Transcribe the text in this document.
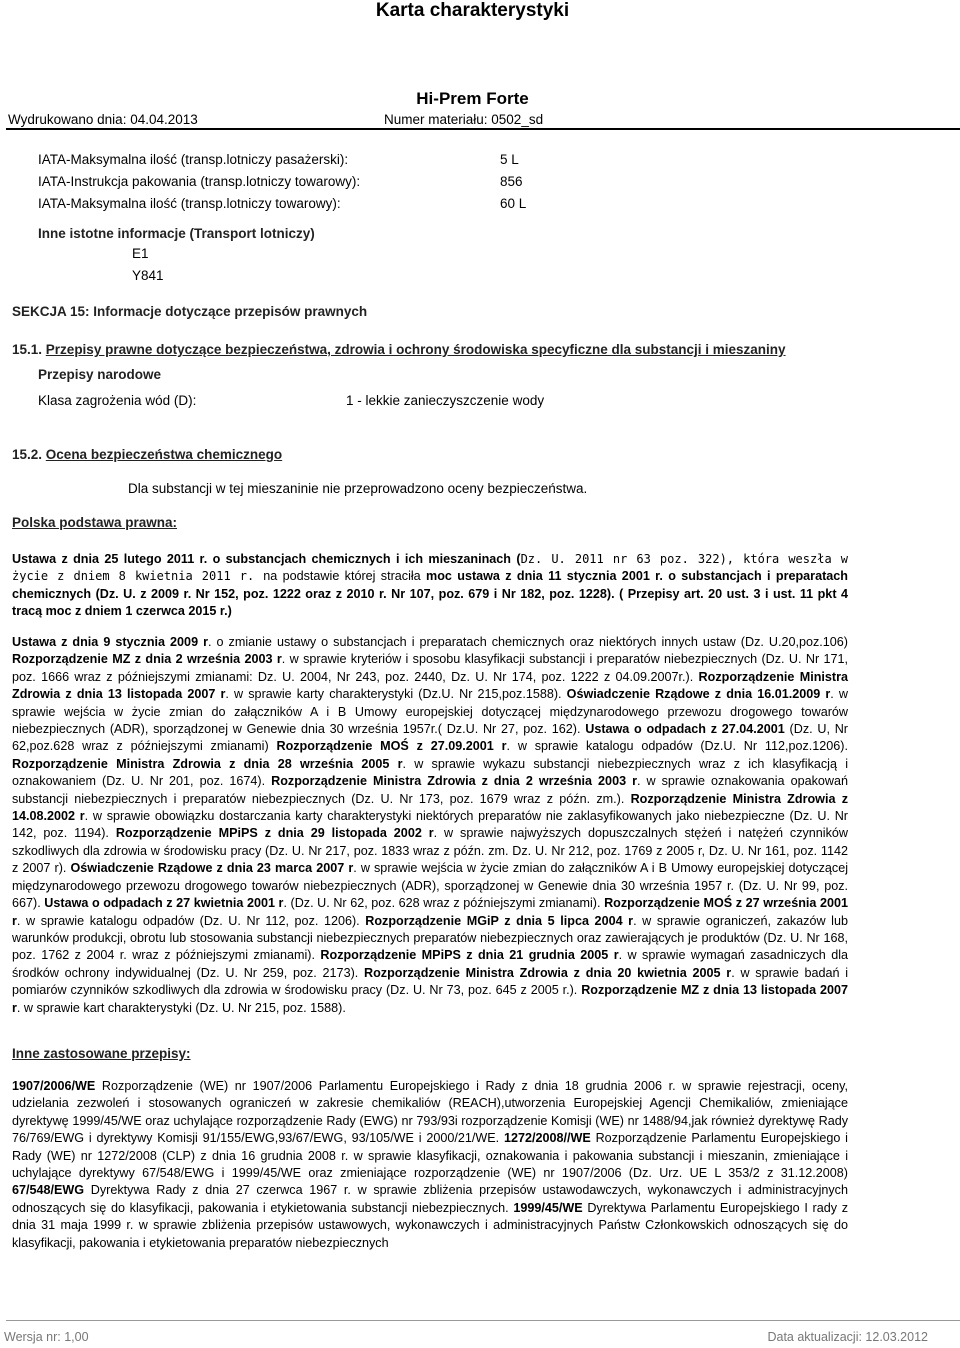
Karta charakterystyki
Hi-Prem Forte
Wydrukowano dnia: 04.04.2013	Numer materiału: 0502_sd
IATA-Maksymalna ilość (transp.lotniczy pasażerski):	5 L
IATA-Instrukcja pakowania (transp.lotniczy towarowy):	856
IATA-Maksymalna ilość (transp.lotniczy towarowy):	60 L
Inne istotne informacje (Transport lotniczy)
E1
Y841
SEKCJA 15: Informacje dotyczące przepisów prawnych
15.1. Przepisy prawne dotyczące bezpieczeństwa, zdrowia i ochrony środowiska specyficzne dla substancji i mieszaniny
Przepisy narodowe
Klasa zagrożenia wód (D):	1 - lekkie zanieczyszczenie wody
15.2. Ocena bezpieczeństwa chemicznego
Dla substancji w tej mieszaninie nie przeprowadzono oceny bezpieczeństwa.
Polska podstawa prawna:
Ustawa z dnia 25 lutego 2011 r. o substancjach chemicznych i ich mieszaninach (Dz. U. 2011 nr 63 poz. 322), która weszła w życie z dniem 8 kwietnia 2011 r. na podstawie której straciła moc ustawa z dnia 11 stycznia 2001 r. o substancjach i preparatach chemicznych (Dz. U. z 2009 r. Nr 152, poz. 1222 oraz z 2010 r. Nr 107, poz. 679 i Nr 182, poz. 1228). ( Przepisy art. 20 ust. 3 i ust. 11 pkt 4 tracą moc z dniem 1 czerwca 2015 r.)
Ustawa z dnia 9 stycznia 2009 r. o zmianie ustawy o substancjach i preparatach chemicznych oraz niektórych innych ustaw (Dz. U.20,poz.106) Rozporządzenie MZ z dnia 2 września 2003 r. w sprawie kryteriów i sposobu klasyfikacji substancji i preparatów niebezpiecznych (Dz. U. Nr 171, poz. 1666 wraz z późniejszymi zmianami: Dz. U. 2004, Nr 243, poz. 2440, Dz. U. Nr 174, poz. 1222 z 04.09.2007r.). Rozporządzenie Ministra Zdrowia z dnia 13 listopada 2007 r. w sprawie karty charakterystyki (Dz.U. Nr 215,poz.1588). Oświadczenie Rządowe z dnia 16.01.2009 r. w sprawie wejścia w życie zmian do załączników A i B Umowy europejskiej dotyczącej międzynarodowego przewozu drogowego towarów niebezpiecznych (ADR), sporządzonej w Genewie dnia 30 września 1957r.( Dz.U. Nr 27, poz. 162). Ustawa o odpadach z 27.04.2001 (Dz. U, Nr 62,poz.628 wraz z późniejszymi zmianami) Rozporządzenie MOŚ z 27.09.2001 r. w sprawie katalogu odpadów (Dz.U. Nr 112,poz.1206). Rozporządzenie Ministra Zdrowia z dnia 28 września 2005 r. w sprawie wykazu substancji niebezpiecznych wraz z ich klasyfikacją i oznakowaniem (Dz. U. Nr 201, poz. 1674). Rozporządzenie Ministra Zdrowia z dnia 2 września 2003 r. w sprawie oznakowania opakowań substancji niebezpiecznych i preparatów niebezpiecznych (Dz. U. Nr 173, poz. 1679 wraz z późn. zm.). Rozporządzenie Ministra Zdrowia z 14.08.2002 r. w sprawie obowiązku dostarczania karty charakterystyki niektórych preparatów nie zaklasyfikowanych jako niebezpieczne (Dz. U. Nr 142, poz. 1194). Rozporządzenie MPiPS z dnia 29 listopada 2002 r. w sprawie najwyższych dopuszczalnych stężeń i natężeń czynników szkodliwych dla zdrowia w środowisku pracy (Dz. U. Nr 217, poz. 1833 wraz z późn. zm. Dz. U. Nr 212, poz. 1769 z 2005 r, Dz. U. Nr 161, poz. 1142 z 2007 r). Oświadczenie Rządowe z dnia 23 marca 2007 r. w sprawie wejścia w życie zmian do załączników A i B Umowy europejskiej dotyczącej międzynarodowego przewozu drogowego towarów niebezpiecznych (ADR), sporządzonej w Genewie dnia 30 września 1957 r. (Dz. U. Nr 99, poz. 667). Ustawa o odpadach z 27 kwietnia 2001 r. (Dz. U. Nr 62, poz. 628 wraz z późniejszymi zmianami). Rozporządzenie MOŚ z 27 września 2001 r. w sprawie katalogu odpadów (Dz. U. Nr 112, poz. 1206). Rozporządzenie MGiP z dnia 5 lipca 2004 r. w sprawie ograniczeń, zakazów lub warunków produkcji, obrotu lub stosowania substancji niebezpiecznych preparatów niebezpiecznych oraz zawierających je produktów (Dz. U. Nr 168, poz. 1762 z 2004 r. wraz z późniejszymi zmianami). Rozporządzenie MPiPS z dnia 21 grudnia 2005 r. w sprawie wymagań zasadniczych dla środków ochrony indywidualnej (Dz. U. Nr 259, poz. 2173). Rozporządzenie Ministra Zdrowia z dnia 20 kwietnia 2005 r. w sprawie badań i pomiarów czynników szkodliwych dla zdrowia w środowisku pracy (Dz. U. Nr 73, poz. 645 z 2005 r.). Rozporządzenie MZ z dnia 13 listopada 2007 r. w sprawie kart charakterystyki (Dz. U. Nr 215, poz. 1588).
Inne zastosowane przepisy:
1907/2006/WE Rozporządzenie (WE) nr 1907/2006 Parlamentu Europejskiego i Rady z dnia 18 grudnia 2006 r. w sprawie rejestracji, oceny, udzielania zezwoleń i stosowanych ograniczeń w zakresie chemikaliów (REACH),utworzenia Europejskiej Agencji Chemikaliów, zmieniające dyrektywę 1999/45/WE oraz uchylające rozporządzenie Rady (EWG) nr 793/93i rozporządzenie Komisji (WE) nr 1488/94,jak również dyrektywę Rady 76/769/EWG i dyrektywy Komisji 91/155/EWG,93/67/EWG, 93/105/WE i 2000/21/WE. 1272/2008//WE Rozporządzenie Parlamentu Europejskiego i Rady (WE) nr 1272/2008 (CLP) z dnia 16 grudnia 2008 r. w sprawie klasyfikacji, oznakowania i pakowania substancji i mieszanin, zmieniające i uchylające dyrektywy 67/548/EWG i 1999/45/WE oraz zmieniające rozporządzenie (WE) nr 1907/2006 (Dz. Urz. UE L 353/2 z 31.12.2008) 67/548/EWG Dyrektywa Rady z dnia 27 czerwca 1967 r. w sprawie zbliżenia przepisów ustawodawczych, wykonawczych i administracyjnych odnoszących się do klasyfikacji, pakowania i etykietowania substancji niebezpiecznych. 1999/45/WE Dyrektywa Parlamentu Europejskiego I rady z dnia 31 maja 1999 r. w sprawie zbliżenia przepisów ustawowych, wykonawczych i administracyjnych Państw Członkowskich odnoszących się do klasyfikacji, pakowania i etykietowania preparatów niebezpiecznych
Wersja nr: 1,00	Data aktualizacji: 12.03.2012
